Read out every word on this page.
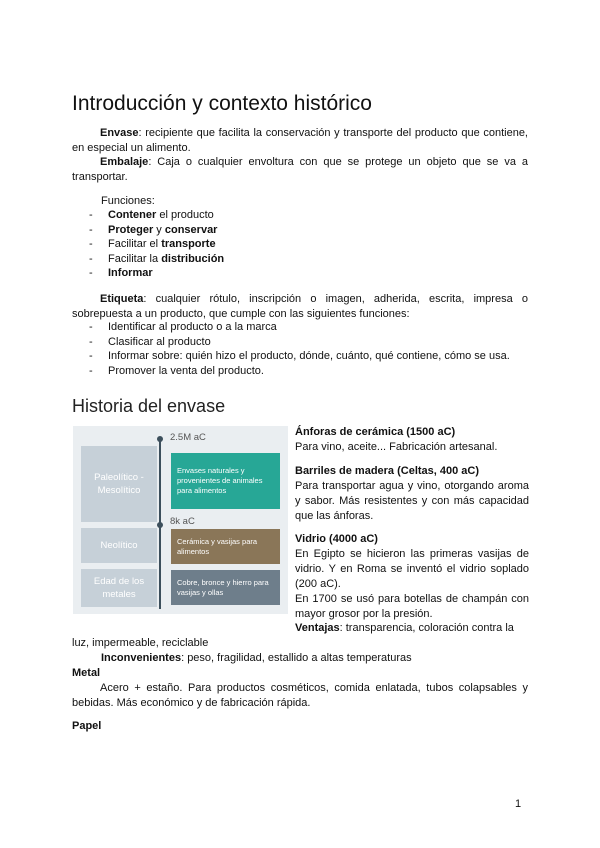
Introducción y contexto histórico
Envase: recipiente que facilita la conservación y transporte del producto que contiene, en especial un alimento.
Embalaje: Caja o cualquier envoltura con que se protege un objeto que se va a transportar.
Funciones:
- Contener el producto
- Proteger y conservar
- Facilitar el transporte
- Facilitar la distribución
- Informar
Etiqueta: cualquier rótulo, inscripción o imagen, adherida, escrita, impresa o sobrepuesta a un producto, que cumple con las siguientes funciones:
- Identificar al producto o a la marca
- Clasificar al producto
- Informar sobre: quién hizo el producto, dónde, cuánto, qué contiene, cómo se usa.
- Promover la venta del producto.
Historia del envase
Paleolítico - Mesolítico
Neolítico
Edad de los metales
2.5M aC
8k aC
Envases naturales y provenientes de animales para alimentos
Cerámica y vasijas para alimentos
Cobre, bronce y hierro para vasijas y ollas
Ánforas de cerámica (1500 aC)
Para vino, aceite... Fabricación artesanal.
Barriles de madera (Celtas, 400 aC)
Para transportar agua y vino, otorgando aroma y sabor. Más resistentes y con más capacidad que las ánforas.
Vidrio (4000 aC)
En Egipto se hicieron las primeras vasijas de vidrio. Y en Roma se inventó el vidrio soplado (200 aC).
En 1700 se usó para botellas de champán con mayor grosor por la presión.
Ventajas : transparencia, coloración contra la
luz, impermeable, reciclable
Inconvenientes: peso, fragilidad, estallido a altas temperaturas
Metal
Acero + estaño. Para productos cosméticos, comida enlatada, tubos colapsables y bebidas. Más económico y de fabricación rápida.
Papel
1
